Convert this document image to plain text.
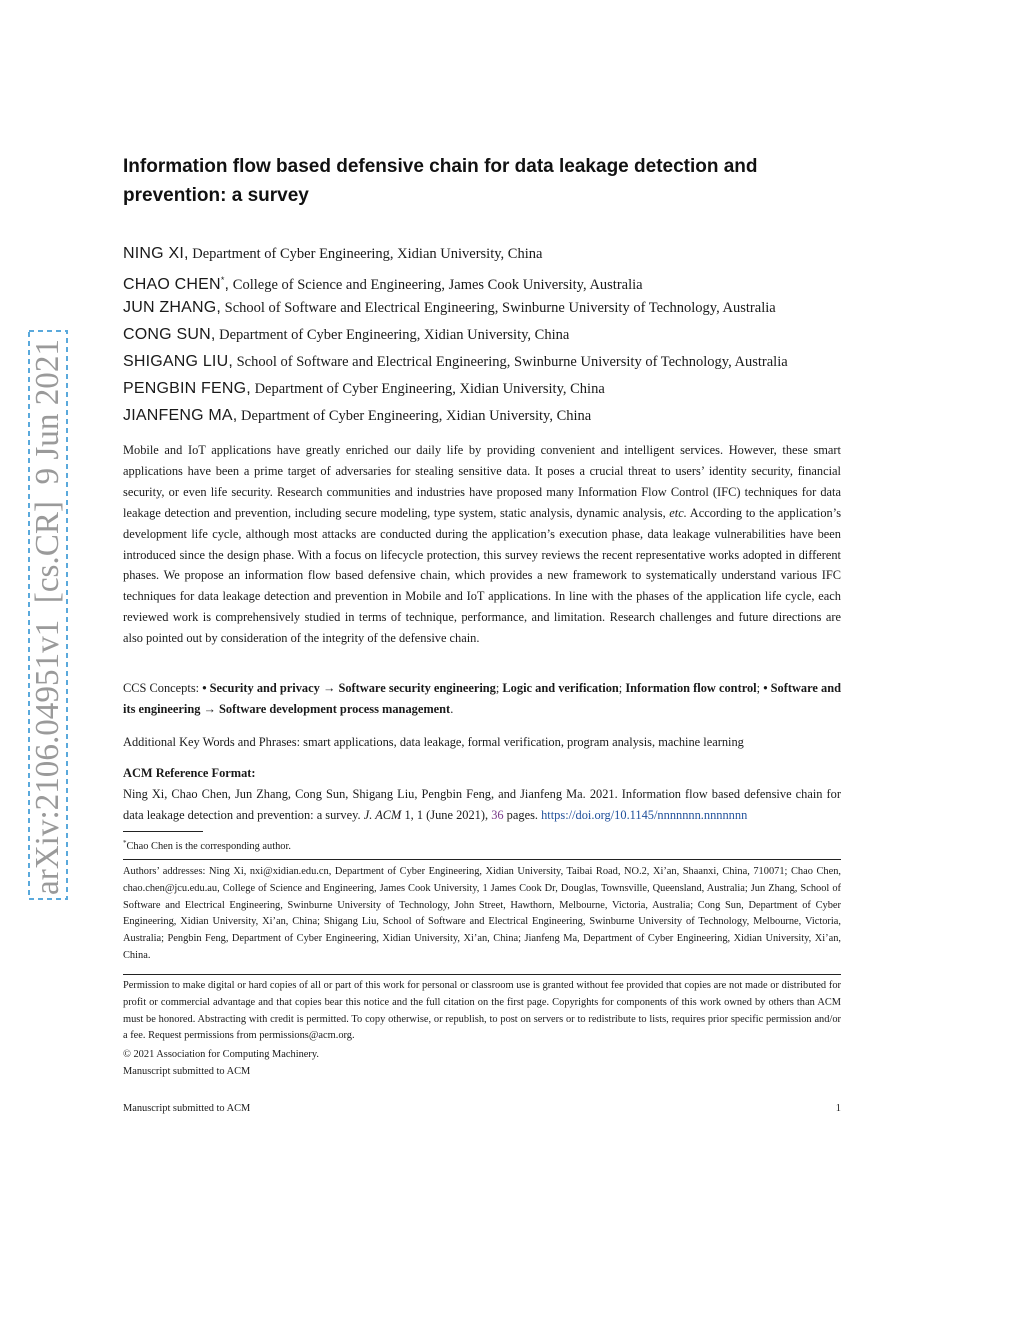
arXiv:2106.04951v1  [cs.CR]  9 Jun 2021
Information flow based defensive chain for data leakage detection and prevention: a survey
NING XI, Department of Cyber Engineering, Xidian University, China
CHAO CHEN*, College of Science and Engineering, James Cook University, Australia
JUN ZHANG, School of Software and Electrical Engineering, Swinburne University of Technology, Australia
CONG SUN, Department of Cyber Engineering, Xidian University, China
SHIGANG LIU, School of Software and Electrical Engineering, Swinburne University of Technology, Australia
PENGBIN FENG, Department of Cyber Engineering, Xidian University, China
JIANFENG MA, Department of Cyber Engineering, Xidian University, China

Mobile and IoT applications have greatly enriched our daily life by providing convenient and intelligent services. However, these smart applications have been a prime target of adversaries for stealing sensitive data. It poses a crucial threat to users’ identity security, financial security, or even life security. Research communities and industries have proposed many Information Flow Control (IFC) techniques for data leakage detection and prevention, including secure modeling, type system, static analysis, dynamic analysis, etc. According to the application’s development life cycle, although most attacks are conducted during the application’s execution phase, data leakage vulnerabilities have been introduced since the design phase. With a focus on lifecycle protection, this survey reviews the recent representative works adopted in different phases. We propose an information flow based defensive chain, which provides a new framework to systematically understand various IFC techniques for data leakage detection and prevention in Mobile and IoT applications. In line with the phases of the application life cycle, each reviewed work is comprehensively studied in terms of technique, performance, and limitation. Research challenges and future directions are also pointed out by consideration of the integrity of the defensive chain.

CCS Concepts: • Security and privacy → Software security engineering; Logic and verification; Information flow control; • Software and its engineering → Software development process management.

Additional Key Words and Phrases: smart applications, data leakage, formal verification, program analysis, machine learning

ACM Reference Format:

Ning Xi, Chao Chen, Jun Zhang, Cong Sun, Shigang Liu, Pengbin Feng, and Jianfeng Ma. 2021. Information flow based defensive chain for data leakage detection and prevention: a survey. J. ACM 1, 1 (June 2021), 36 pages. https://doi.org/10.1145/nnnnnnn.nnnnnnn

*Chao Chen is the corresponding author.

Authors’ addresses: Ning Xi, nxi@xidian.edu.cn, Department of Cyber Engineering, Xidian University, Taibai Road, NO.2, Xi’an, Shaanxi, China, 710071; Chao Chen, chao.chen@jcu.edu.au, College of Science and Engineering, James Cook University, 1 James Cook Dr, Douglas, Townsville, Queensland, Australia; Jun Zhang, School of Software and Electrical Engineering, Swinburne University of Technology, John Street, Hawthorn, Melbourne, Victoria, Australia; Cong Sun, Department of Cyber Engineering, Xidian University, Xi’an, China; Shigang Liu, School of Software and Electrical Engineering, Swinburne University of Technology, Melbourne, Victoria, Australia; Pengbin Feng, Department of Cyber Engineering, Xidian University, Xi’an, China; Jianfeng Ma, Department of Cyber Engineering, Xidian University, Xi’an, China.

Permission to make digital or hard copies of all or part of this work for personal or classroom use is granted without fee provided that copies are not made or distributed for profit or commercial advantage and that copies bear this notice and the full citation on the first page. Copyrights for components of this work owned by others than ACM must be honored. Abstracting with credit is permitted. To copy otherwise, or republish, to post on servers or to redistribute to lists, requires prior specific permission and/or a fee. Request permissions from permissions@acm.org.

© 2021 Association for Computing Machinery.

Manuscript submitted to ACM

Manuscript submitted to ACM	1
